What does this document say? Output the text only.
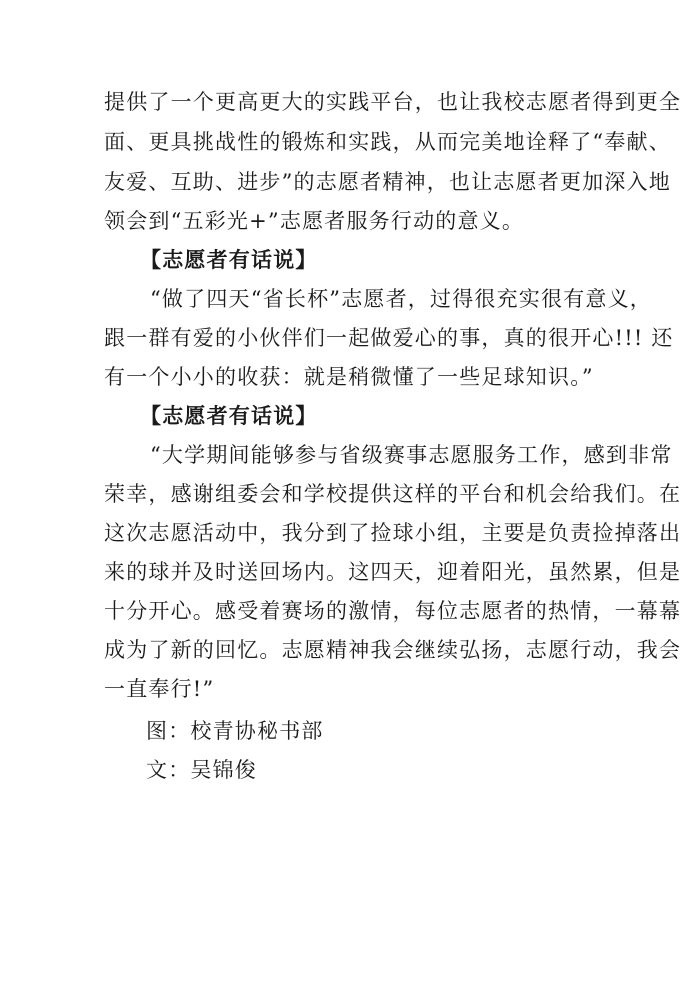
提供了一个更高更大的实践平台，也让我校志愿者得到更全
面、更具挑战性的锻炼和实践，从而完美地诠释了“奉献、
友爱、互助、进步”的志愿者精神，也让志愿者更加深入地
领会到“五彩光+”志愿者服务行动的意义。
【志愿者有话说】
“做了四天“省长杯”志愿者，过得很充实很有意义，
跟一群有爱的小伙伴们一起做爱心的事，真的很开心!!! 还
有一个小小的收获：就是稍微懂了一些足球知识。”
【志愿者有话说】
“大学期间能够参与省级赛事志愿服务工作，感到非常
荣幸，感谢组委会和学校提供这样的平台和机会给我们。在
这次志愿活动中，我分到了捡球小组，主要是负责捡掉落出
来的球并及时送回场内。这四天，迎着阳光，虽然累，但是
十分开心。感受着赛场的激情，每位志愿者的热情，一幕幕
成为了新的回忆。志愿精神我会继续弘扬，志愿行动，我会
一直奉行!”
图：校青协秘书部
文：吴锦俊
